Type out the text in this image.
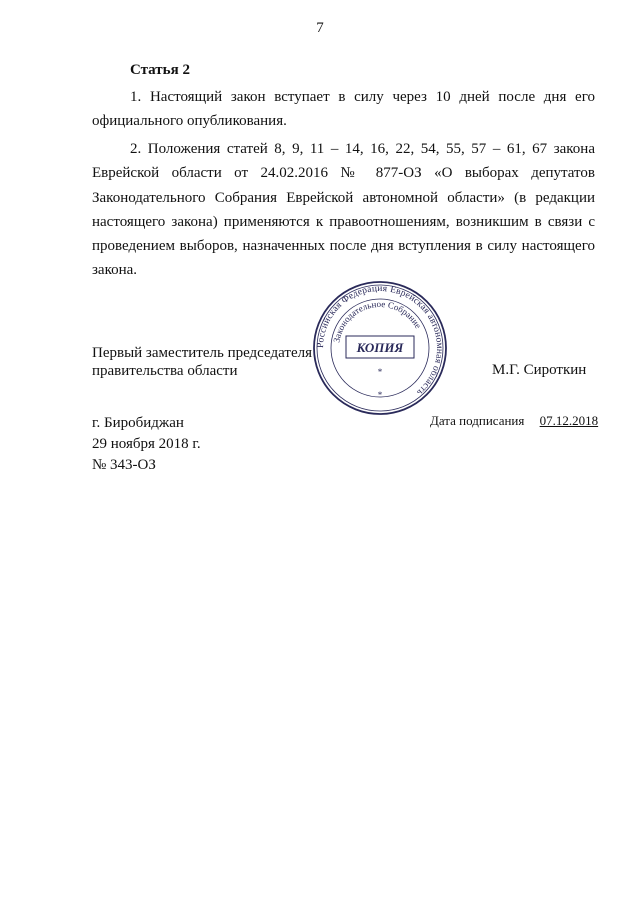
7
Статья 2

1. Настоящий закон вступает в силу через 10 дней после дня его официального опубликования.

2. Положения статей 8, 9, 11 – 14, 16, 22, 54, 55, 57 – 61, 67 закона Еврейской области от 24.02.2016 № 877-ОЗ «О выборах депутатов Законодательного Собрания Еврейской автономной области» (в редакции настоящего закона) применяются к правоотношениям, возникшим в связи с проведением выборов, назначенных после дня вступления в силу настоящего закона.

Первый заместитель председателя
правительства области	М.Г. Сироткин
Российская Федерация Еврейская автономная область
Законодательное Собрание
КОПИЯ
*
*
г. Биробиджан
29 ноября 2018 г.
№ 343-ОЗ
Дата подписания 07.12.2018
